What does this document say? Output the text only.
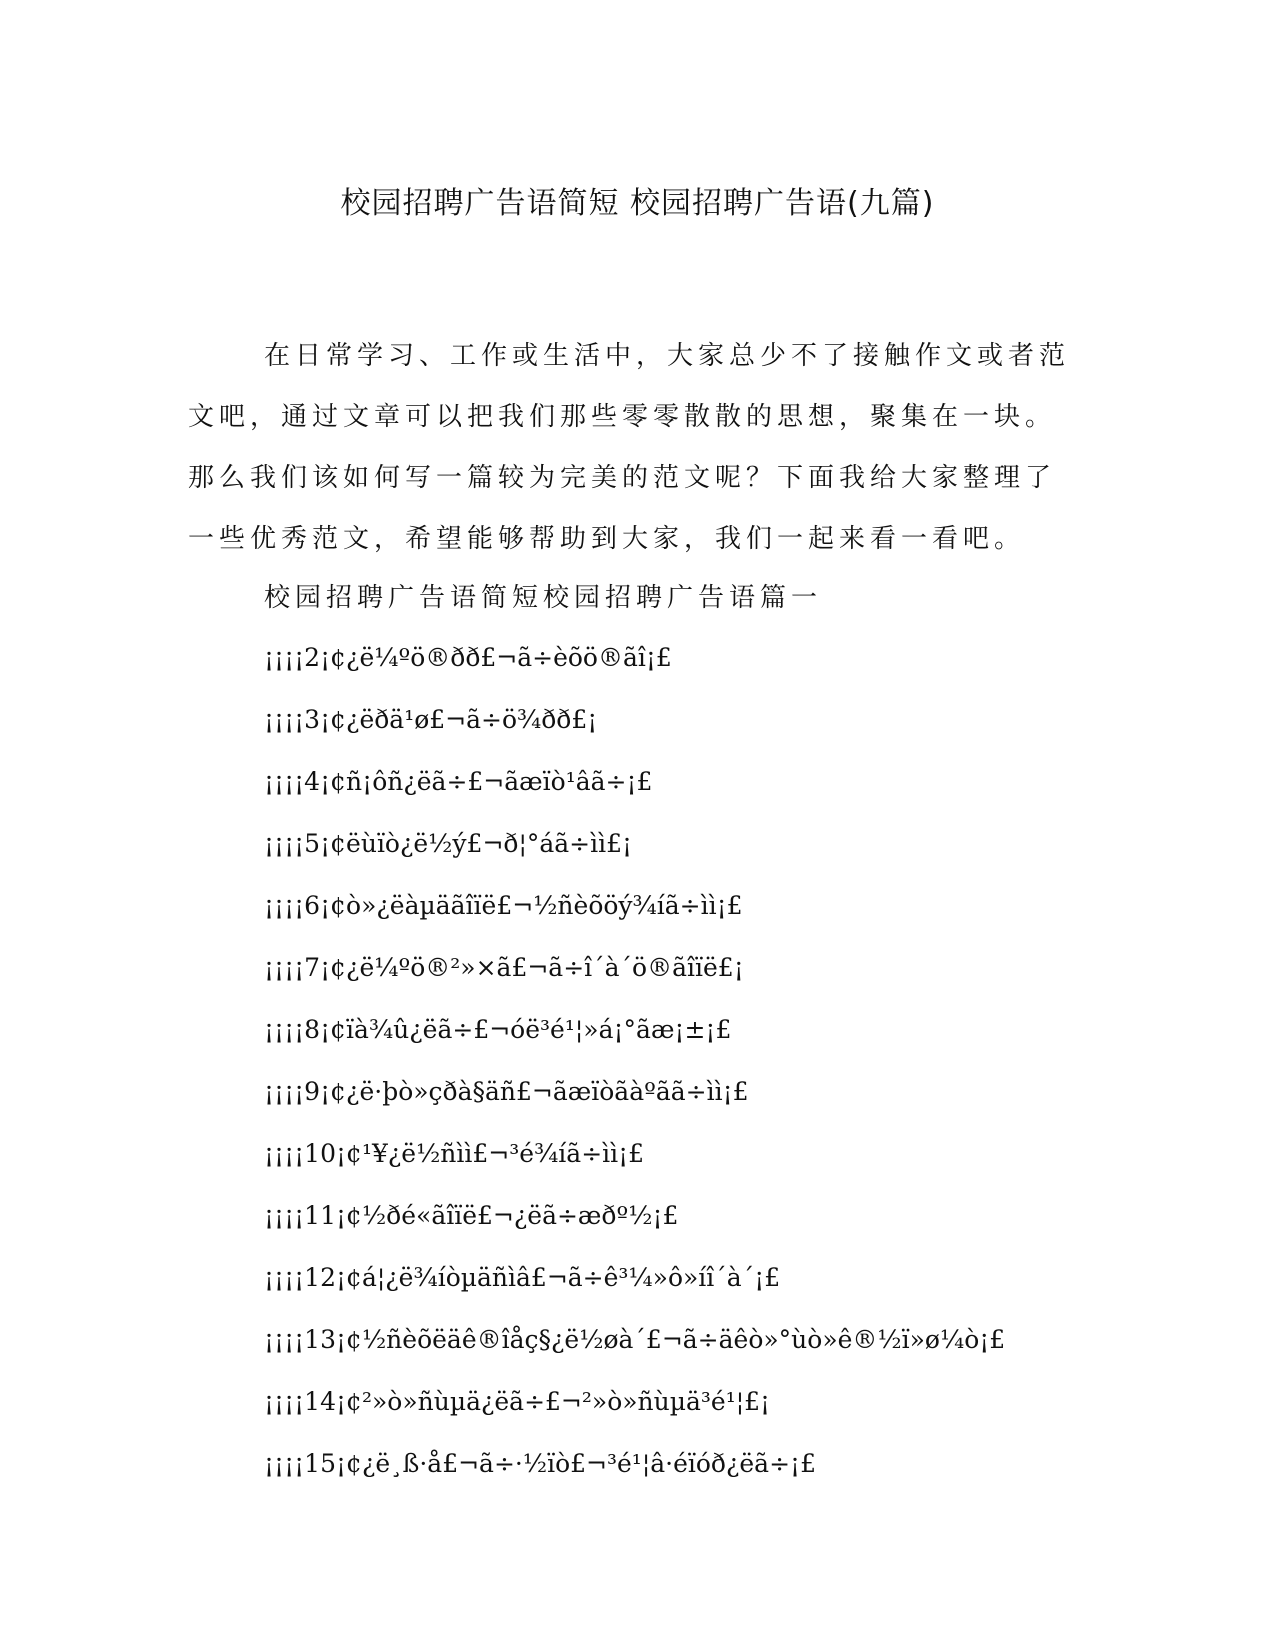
校园招聘广告语简短 校园招聘广告语(九篇)

在日常学习、工作或生活中，大家总少不了接触作文或者范文吧，通过文章可以把我们那些零零散散的思想，聚集在一块。那么我们该如何写一篇较为完美的范文呢？下面我给大家整理了一些优秀范文，希望能够帮助到大家，我们一起来看一看吧。

校园招聘广告语简短校园招聘广告语篇一
¡¡¡¡2¡¢¿ë¼ºö®ðð£¬ã÷èõö®ãî¡£
¡¡¡¡3¡¢¿ëðä¹ø£¬ã÷ö¾ðð£¡
¡¡¡¡4¡¢ñ¡ôñ¿ëã÷£¬ãæïò¹âã÷¡£
¡¡¡¡5¡¢ëùïò¿ë½ý£¬ð¦°áã÷ìì£¡
¡¡¡¡6¡¢ò»¿ëàµäãîïë£¬½ñèõöý¾íã÷ìì¡£
¡¡¡¡7¡¢¿ë¼ºö®²»×ã£¬ã÷î´à´ö®ãîïë£¡
¡¡¡¡8¡¢ïà¾û¿ëã÷£¬óë³é¹¦»á¡°ãæ¡±¡£
¡¡¡¡9¡¢¿ë·þò»çðà§äñ£¬ãæïòãàºãã÷ìì¡£
¡¡¡¡10¡¢¹¥¿ë½ñìì£¬³é¾íã÷ìì¡£
¡¡¡¡11¡¢½ðé«ãîïë£¬¿ëã÷æðº½¡£
¡¡¡¡12¡¢á¦¿ë¾íòµäñìâ£¬ã÷ê³¼»ô»íî´à´¡£
¡¡¡¡13¡¢½ñèõëäê®îåç§¿ë½øà´£¬ã÷äêò»°ùò»ê®½ï»ø¼ò¡£
¡¡¡¡14¡¢²»ò»ñùµä¿ëã÷£¬²»ò»ñùµä³é¹¦£¡
¡¡¡¡15¡¢¿ë¸ß·å£¬ã÷·½ïò£¬³é¹¦â·éïóð¿ëã÷¡£
